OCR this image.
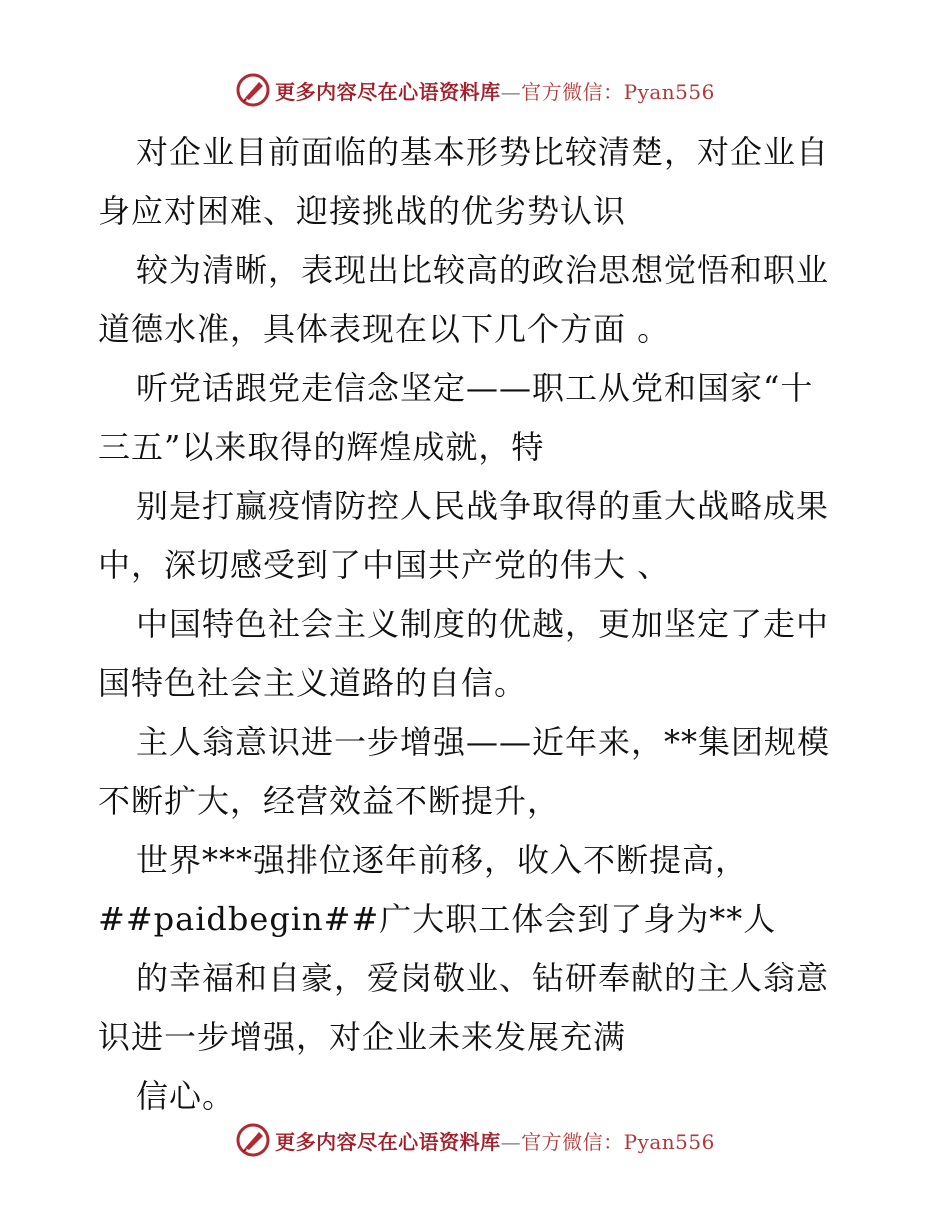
更多内容尽在心语资料库—官方微信：Pyan556
对企业目前面临的基本形势比较清楚，对企业自
身应对困难、迎接挑战的优劣势认识
较为清晰，表现出比较高的政治思想觉悟和职业
道德水准，具体表现在以下几个方面 。
听党话跟党走信念坚定——职工从党和国家“十
三五”以来取得的辉煌成就，特
别是打赢疫情防控人民战争取得的重大战略成果
中，深切感受到了中国共产党的伟大 、
中国特色社会主义制度的优越，更加坚定了走中
国特色社会主义道路的自信。
主人翁意识进一步增强——近年来，**集团规模
不断扩大，经营效益不断提升，
世界***强排位逐年前移，收入不断提高，
##paidbegin##广大职工体会到了身为**人
的幸福和自豪，爱岗敬业、钻研奉献的主人翁意
识进一步增强，对企业未来发展充满
信心。
更多内容尽在心语资料库—官方微信：Pyan556
